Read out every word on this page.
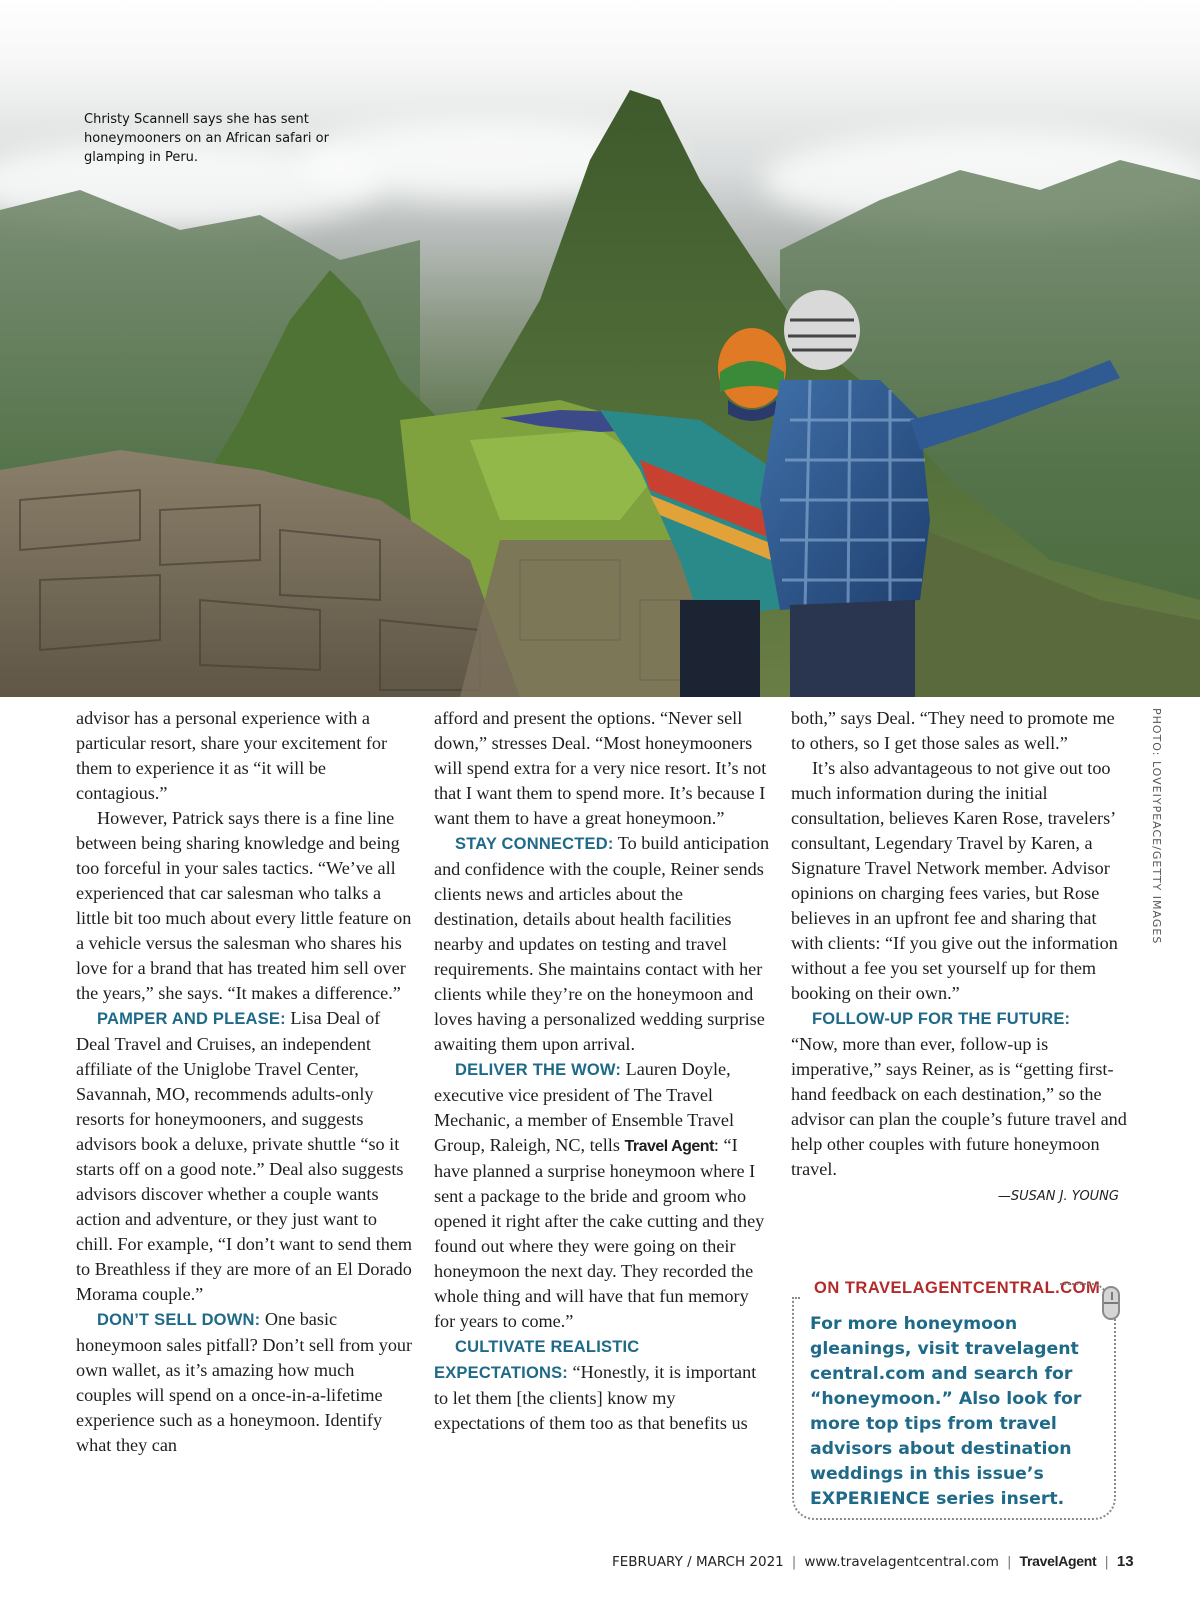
Christy Scannell says she has sent honeymooners on an African safari or glamping in Peru.
PHOTO: LOVEIYPEACE/GETTY IMAGES

advisor has a personal experience with a particular resort, share your excitement for them to experience it as “it will be contagious.”

However, Patrick says there is a fine line between being sharing knowledge and being too forceful in your sales tactics. “We’ve all experienced that car salesman who talks a little bit too much about every little feature on a vehicle versus the salesman who shares his love for a brand that has treated him sell over the years,” she says. “It makes a difference.”

PAMPER AND PLEASE: Lisa Deal of Deal Travel and Cruises, an independent affiliate of the Uniglobe Travel Center, Savannah, MO, recommends adults-only resorts for honeymooners, and suggests advisors book a deluxe, private shuttle “so it starts off on a good note.” Deal also suggests advisors discover whether a couple wants action and adventure, or they just want to chill. For example, “I don’t want to send them to Breathless if they are more of an El Dorado Morama couple.”

DON’T SELL DOWN: One basic honeymoon sales pitfall? Don’t sell from your own wallet, as it’s amazing how much couples will spend on a once-in-a-lifetime experience such as a honeymoon. Identify what they can

afford and present the options. “Never sell down,” stresses Deal. “Most honeymooners will spend extra for a very nice resort. It’s not that I want them to spend more. It’s because I want them to have a great honeymoon.”

STAY CONNECTED: To build anticipation and confidence with the couple, Reiner sends clients news and articles about the destination, details about health facilities nearby and updates on testing and travel requirements. She maintains contact with her clients while they’re on the honeymoon and loves having a personalized wedding surprise awaiting them upon arrival.

DELIVER THE WOW: Lauren Doyle, executive vice president of The Travel Mechanic, a member of Ensemble Travel Group, Raleigh, NC, tells Travel Agent: “I have planned a surprise honeymoon where I sent a package to the bride and groom who opened it right after the cake cutting and they found out where they were going on their honeymoon the next day. They recorded the whole thing and will have that fun memory for years to come.”

CULTIVATE REALISTIC EXPECTATIONS: “Honestly, it is important to let them [the clients] know my expectations of them too as that benefits us

both,” says Deal. “They need to promote me to others, so I get those sales as well.”

It’s also advantageous to not give out too much information during the initial consultation, believes Karen Rose, travelers’ consultant, Legendary Travel by Karen, a Signature Travel Network member. Advisor opinions on charging fees varies, but Rose believes in an upfront fee and sharing that with clients: “If you give out the information without a fee you set yourself up for them booking on their own.”

FOLLOW-UP FOR THE FUTURE:

“Now, more than ever, follow-up is imperative,” says Reiner, as is “getting first-hand feedback on each destination,” so the advisor can plan the couple’s future travel and help other couples with future honeymoon travel.

—SUSAN J. YOUNG
ON TRAVELAGENTCENTRAL.COM
For more honeymoon gleanings, visit travelagent central.com and search for “honeymoon.” Also look for more top tips from travel advisors about destination weddings in this issue’s EXPERIENCE series insert.
FEBRUARY / MARCH 2021 | www.travelagentcentral.com | TravelAgent | 13
